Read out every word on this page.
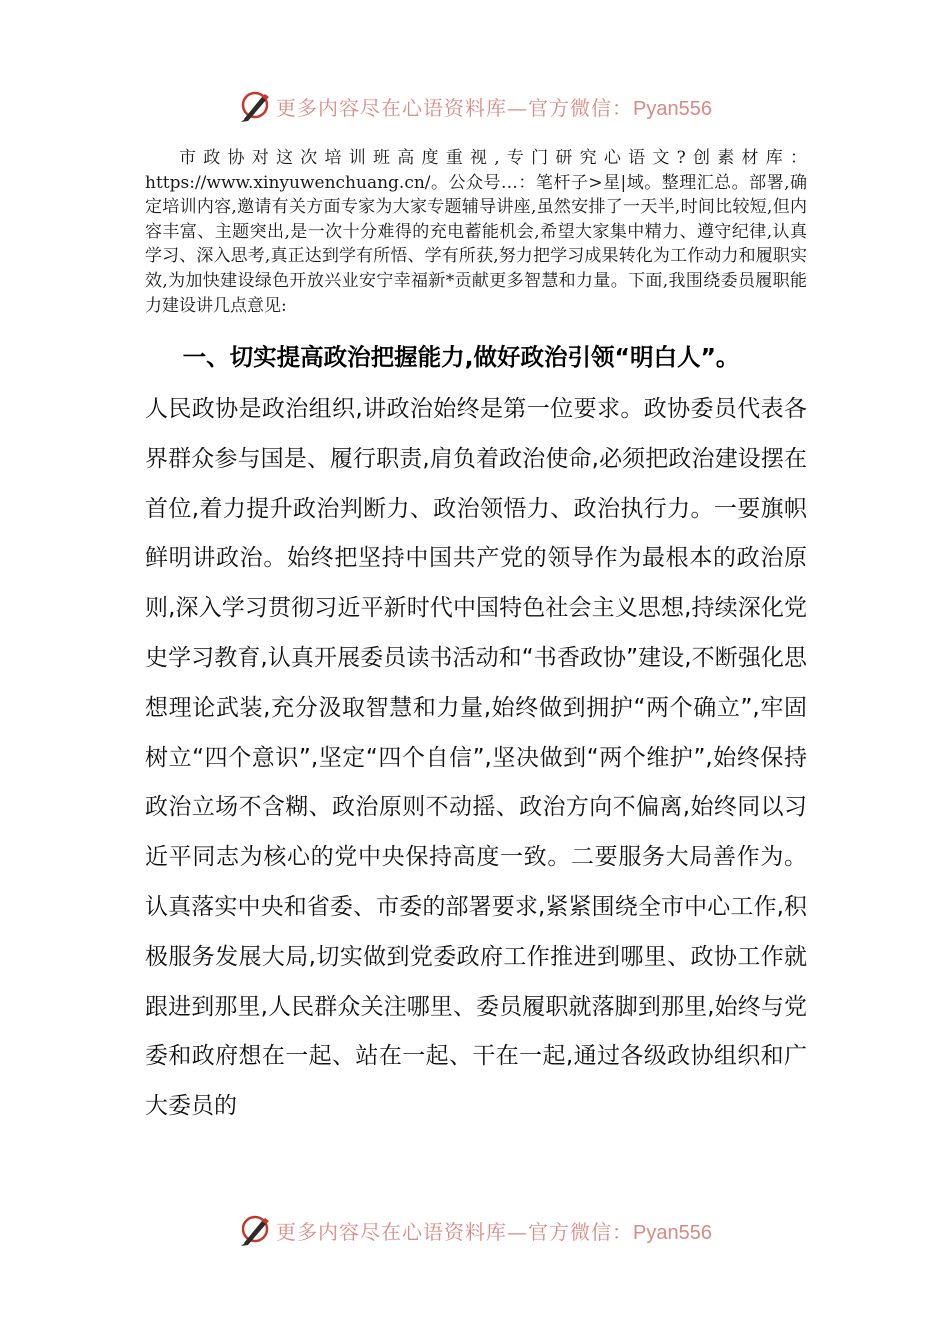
更多内容尽在心语资料库—官方微信：Pyan556

市政协对这次培训班高度重视,专门研究心语文?创素材库：https://www.xinyuwenchuang.cn/。公众号…：笔杆子>星|域。整理汇总。部署,确定培训内容,邀请有关方面专家为大家专题辅导讲座,虽然安排了一天半,时间比较短,但内容丰富、主题突出,是一次十分难得的充电蓄能机会,希望大家集中精力、遵守纪律,认真学习、深入思考,真正达到学有所悟、学有所获,努力把学习成果转化为工作动力和履职实效,为加快建设绿色开放兴业安宁幸福新*贡献更多智慧和力量。下面,我围绕委员履职能力建设讲几点意见:

一、切实提高政治把握能力,做好政治引领“明白人”。

人民政协是政治组织,讲政治始终是第一位要求。政协委员代表各界群众参与国是、履行职责,肩负着政治使命,必须把政治建设摆在首位,着力提升政治判断力、政治领悟力、政治执行力。一要旗帜鲜明讲政治。始终把坚持中国共产党的领导作为最根本的政治原则,深入学习贯彻习近平新时代中国特色社会主义思想,持续深化党史学习教育,认真开展委员读书活动和“书香政协”建设,不断强化思想理论武装,充分汲取智慧和力量,始终做到拥护“两个确立”,牢固树立“四个意识”,坚定“四个自信”,坚决做到“两个维护”,始终保持政治立场不含糊、政治原则不动摇、政治方向不偏离,始终同以习近平同志为核心的党中央保持高度一致。二要服务大局善作为。认真落实中央和省委、市委的部署要求,紧紧围绕全市中心工作,积极服务发展大局,切实做到党委政府工作推进到哪里、政协工作就跟进到那里,人民群众关注哪里、委员履职就落脚到那里,始终与党委和政府想在一起、站在一起、干在一起,通过各级政协组织和广大委员的

更多内容尽在心语资料库—官方微信：Pyan556
